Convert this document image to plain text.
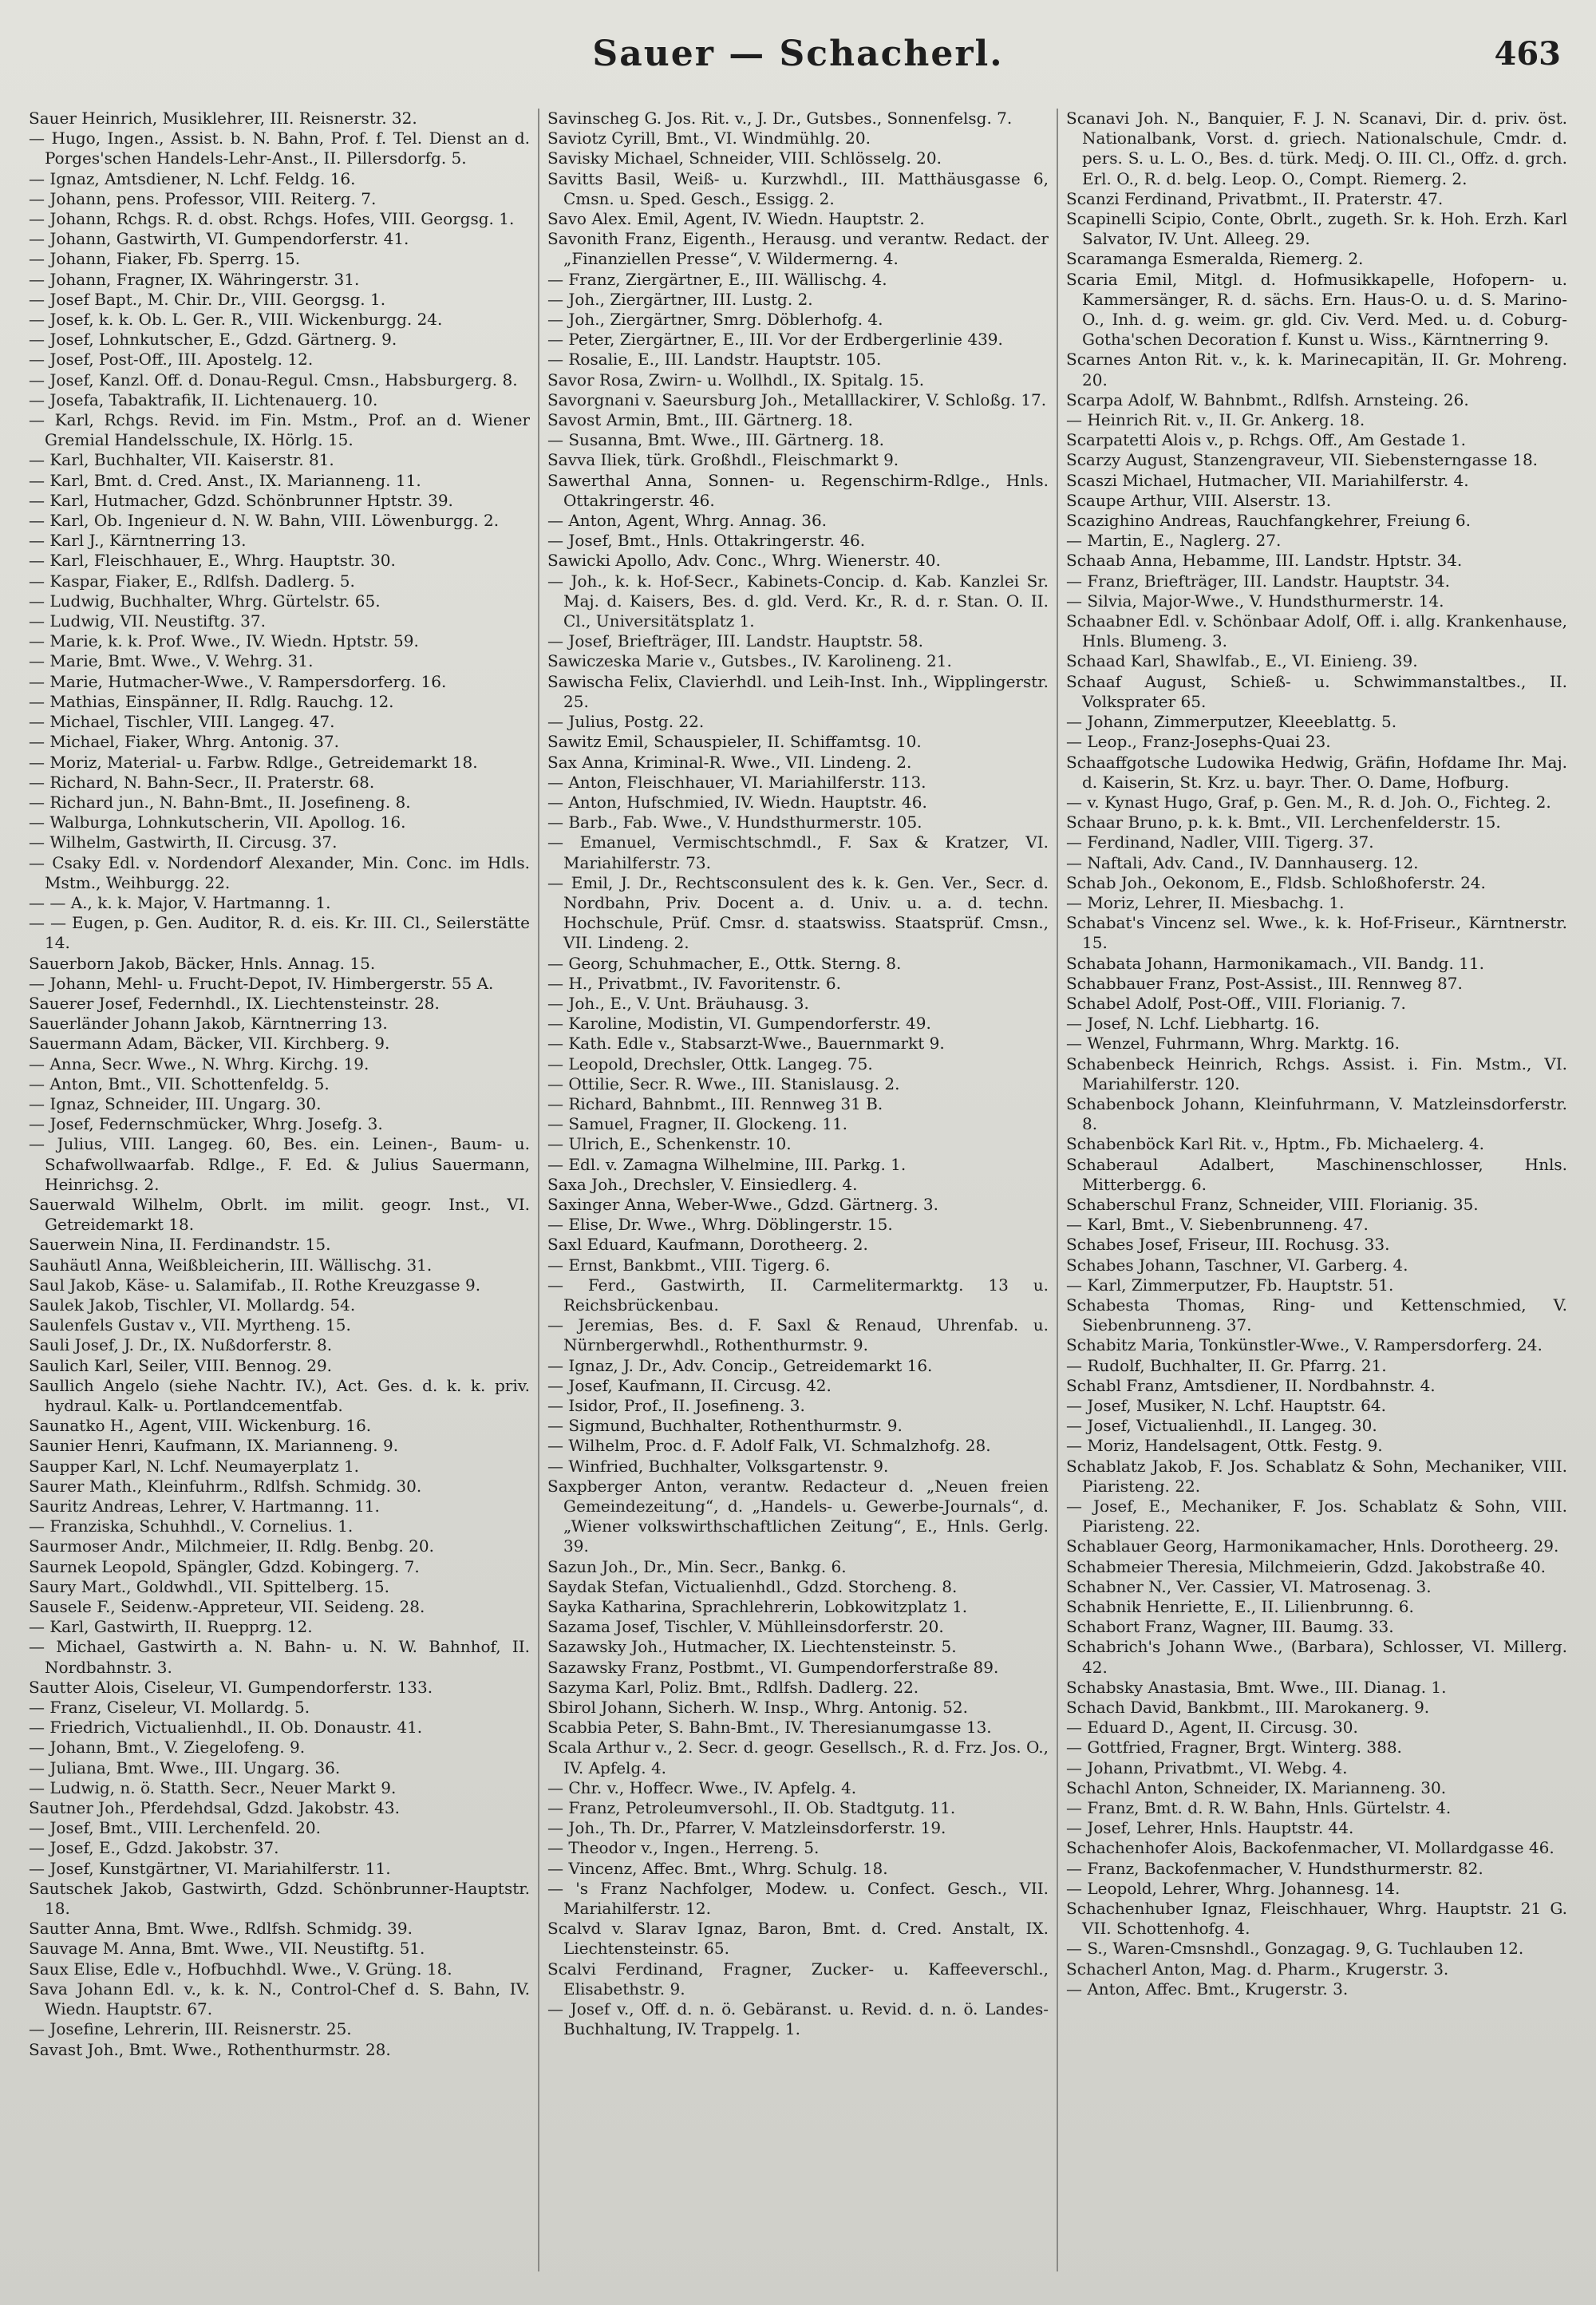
Sauer — Schacherl.	463

Sauer Heinrich, Musiklehrer, III. Reisnerstr. 32.

— Hugo, Ingen., Assist. b. N. Bahn, Prof. f. Tel. Dienst an d. Porges'schen Handels-Lehr-Anst., II. Pillersdorfg. 5.

— Ignaz, Amtsdiener, N. Lchf. Feldg. 16.

— Johann, pens. Professor, VIII. Reiterg. 7.

— Johann, Rchgs. R. d. obst. Rchgs. Hofes, VIII. Georgsg. 1.

— Johann, Gastwirth, VI. Gumpendorferstr. 41.

— Johann, Fiaker, Fb. Sperrg. 15.

— Johann, Fragner, IX. Währingerstr. 31.

— Josef Bapt., M. Chir. Dr., VIII. Georgsg. 1.

— Josef, k. k. Ob. L. Ger. R., VIII. Wickenburgg. 24.

— Josef, Lohnkutscher, E., Gdzd. Gärtnerg. 9.

— Josef, Post-Off., III. Apostelg. 12.

— Josef, Kanzl. Off. d. Donau-Regul. Cmsn., Habsburgerg. 8.

— Josefa, Tabaktrafik, II. Lichtenauerg. 10.

— Karl, Rchgs. Revid. im Fin. Mstm., Prof. an d. Wiener Gremial Handelsschule, IX. Hörlg. 15.

— Karl, Buchhalter, VII. Kaiserstr. 81.

— Karl, Bmt. d. Cred. Anst., IX. Marianneng. 11.

— Karl, Hutmacher, Gdzd. Schönbrunner Hptstr. 39.

— Karl, Ob. Ingenieur d. N. W. Bahn, VIII. Löwenburgg. 2.

— Karl J., Kärntnerring 13.

— Karl, Fleischhauer, E., Whrg. Hauptstr. 30.

— Kaspar, Fiaker, E., Rdlfsh. Dadlerg. 5.

— Ludwig, Buchhalter, Whrg. Gürtelstr. 65.

— Ludwig, VII. Neustiftg. 37.

— Marie, k. k. Prof. Wwe., IV. Wiedn. Hptstr. 59.

— Marie, Bmt. Wwe., V. Wehrg. 31.

— Marie, Hutmacher-Wwe., V. Rampersdorferg. 16.

— Mathias, Einspänner, II. Rdlg. Rauchg. 12.

— Michael, Tischler, VIII. Langeg. 47.

— Michael, Fiaker, Whrg. Antonig. 37.

— Moriz, Material- u. Farbw. Rdlge., Getreidemarkt 18.

— Richard, N. Bahn-Secr., II. Praterstr. 68.

— Richard jun., N. Bahn-Bmt., II. Josefineng. 8.

— Walburga, Lohnkutscherin, VII. Apollog. 16.

— Wilhelm, Gastwirth, II. Circusg. 37.

— Csaky Edl. v. Nordendorf Alexander, Min. Conc. im Hdls. Mstm., Weihburgg. 22.

— — A., k. k. Major, V. Hartmanng. 1.

— — Eugen, p. Gen. Auditor, R. d. eis. Kr. III. Cl., Seilerstätte 14.

Sauerborn Jakob, Bäcker, Hnls. Annag. 15.

— Johann, Mehl- u. Frucht-Depot, IV. Himbergerstr. 55 A.

Sauerer Josef, Federnhdl., IX. Liechtensteinstr. 28.

Sauerländer Johann Jakob, Kärntnerring 13.

Sauermann Adam, Bäcker, VII. Kirchberg. 9.

— Anna, Secr. Wwe., N. Whrg. Kirchg. 19.

— Anton, Bmt., VII. Schottenfeldg. 5.

— Ignaz, Schneider, III. Ungarg. 30.

— Josef, Federnschmücker, Whrg. Josefg. 3.

— Julius, VIII. Langeg. 60, Bes. ein. Leinen-, Baum- u. Schafwollwaarfab. Rdlge., F. Ed. & Julius Sauermann, Heinrichsg. 2.

Sauerwald Wilhelm, Obrlt. im milit. geogr. Inst., VI. Getreidemarkt 18.

Sauerwein Nina, II. Ferdinandstr. 15.

Sauhäutl Anna, Weißbleicherin, III. Wällischg. 31.

Saul Jakob, Käse- u. Salamifab., II. Rothe Kreuzgasse 9.

Saulek Jakob, Tischler, VI. Mollardg. 54.

Saulenfels Gustav v., VII. Myrtheng. 15.

Sauli Josef, J. Dr., IX. Nußdorferstr. 8.

Saulich Karl, Seiler, VIII. Bennog. 29.

Saullich Angelo (siehe Nachtr. IV.), Act. Ges. d. k. k. priv. hydraul. Kalk- u. Portlandcementfab.

Saunatko H., Agent, VIII. Wickenburg. 16.

Saunier Henri, Kaufmann, IX. Marianneng. 9.

Saupper Karl, N. Lchf. Neumayerplatz 1.

Saurer Math., Kleinfuhrm., Rdlfsh. Schmidg. 30.

Sauritz Andreas, Lehrer, V. Hartmanng. 11.

— Franziska, Schuhhdl., V. Cornelius. 1.

Saurmoser Andr., Milchmeier, II. Rdlg. Benbg. 20.

Saurnek Leopold, Spängler, Gdzd. Kobingerg. 7.

Saury Mart., Goldwhdl., VII. Spittelberg. 15.

Sausele F., Seidenw.-Appreteur, VII. Seideng. 28.

— Karl, Gastwirth, II. Ruepprg. 12.

— Michael, Gastwirth a. N. Bahn- u. N. W. Bahnhof, II. Nordbahnstr. 3.

Sautter Alois, Ciseleur, VI. Gumpendorferstr. 133.

— Franz, Ciseleur, VI. Mollardg. 5.

— Friedrich, Victualienhdl., II. Ob. Donaustr. 41.

— Johann, Bmt., V. Ziegelofeng. 9.

— Juliana, Bmt. Wwe., III. Ungarg. 36.

— Ludwig, n. ö. Statth. Secr., Neuer Markt 9.

Sautner Joh., Pferdehdsal, Gdzd. Jakobstr. 43.

— Josef, Bmt., VIII. Lerchenfeld. 20.

— Josef, E., Gdzd. Jakobstr. 37.

— Josef, Kunstgärtner, VI. Mariahilferstr. 11.

Sautschek Jakob, Gastwirth, Gdzd. Schönbrunner-Hauptstr. 18.

Sautter Anna, Bmt. Wwe., Rdlfsh. Schmidg. 39.

Sauvage M. Anna, Bmt. Wwe., VII. Neustiftg. 51.

Saux Elise, Edle v., Hofbuchhdl. Wwe., V. Grüng. 18.

Sava Johann Edl. v., k. k. N., Control-Chef d. S. Bahn, IV. Wiedn. Hauptstr. 67.

— Josefine, Lehrerin, III. Reisnerstr. 25.

Savast Joh., Bmt. Wwe., Rothenthurmstr. 28.

Savinscheg G. Jos. Rit. v., J. Dr., Gutsbes., Sonnenfelsg. 7.

Saviotz Cyrill, Bmt., VI. Windmühlg. 20.

Savisky Michael, Schneider, VIII. Schlösselg. 20.

Savitts Basil, Weiß- u. Kurzwhdl., III. Matthäusgasse 6, Cmsn. u. Sped. Gesch., Essigg. 2.

Savo Alex. Emil, Agent, IV. Wiedn. Hauptstr. 2.

Savonith Franz, Eigenth., Herausg. und verantw. Redact. der „Finanziellen Presse“, V. Wildermerng. 4.

— Franz, Ziergärtner, E., III. Wällischg. 4.

— Joh., Ziergärtner, III. Lustg. 2.

— Joh., Ziergärtner, Smrg. Döblerhofg. 4.

— Peter, Ziergärtner, E., III. Vor der Erdbergerlinie 439.

— Rosalie, E., III. Landstr. Hauptstr. 105.

Savor Rosa, Zwirn- u. Wollhdl., IX. Spitalg. 15.

Savorgnani v. Saeursburg Joh., Metalllackirer, V. Schloßg. 17.

Savost Armin, Bmt., III. Gärtnerg. 18.

— Susanna, Bmt. Wwe., III. Gärtnerg. 18.

Savva Iliek, türk. Großhdl., Fleischmarkt 9.

Sawerthal Anna, Sonnen- u. Regenschirm-Rdlge., Hnls. Ottakringerstr. 46.

— Anton, Agent, Whrg. Annag. 36.

— Josef, Bmt., Hnls. Ottakringerstr. 46.

Sawicki Apollo, Adv. Conc., Whrg. Wienerstr. 40.

— Joh., k. k. Hof-Secr., Kabinets-Concip. d. Kab. Kanzlei Sr. Maj. d. Kaisers, Bes. d. gld. Verd. Kr., R. d. r. Stan. O. II. Cl., Universitätsplatz 1.

— Josef, Briefträger, III. Landstr. Hauptstr. 58.

Sawiczeska Marie v., Gutsbes., IV. Karolineng. 21.

Sawischa Felix, Clavierhdl. und Leih-Inst. Inh., Wipplingerstr. 25.

— Julius, Postg. 22.

Sawitz Emil, Schauspieler, II. Schiffamtsg. 10.

Sax Anna, Kriminal-R. Wwe., VII. Lindeng. 2.

— Anton, Fleischhauer, VI. Mariahilferstr. 113.

— Anton, Hufschmied, IV. Wiedn. Hauptstr. 46.

— Barb., Fab. Wwe., V. Hundsthurmerstr. 105.

— Emanuel, Vermischtschmdl., F. Sax & Kratzer, VI. Mariahilferstr. 73.

— Emil, J. Dr., Rechtsconsulent des k. k. Gen. Ver., Secr. d. Nordbahn, Priv. Docent a. d. Univ. u. a. d. techn. Hochschule, Prüf. Cmsr. d. staatswiss. Staatsprüf. Cmsn., VII. Lindeng. 2.

— Georg, Schuhmacher, E., Ottk. Sterng. 8.

— H., Privatbmt., IV. Favoritenstr. 6.

— Joh., E., V. Unt. Bräuhausg. 3.

— Karoline, Modistin, VI. Gumpendorferstr. 49.

— Kath. Edle v., Stabsarzt-Wwe., Bauernmarkt 9.

— Leopold, Drechsler, Ottk. Langeg. 75.

— Ottilie, Secr. R. Wwe., III. Stanislausg. 2.

— Richard, Bahnbmt., III. Rennweg 31 B.

— Samuel, Fragner, II. Glockeng. 11.

— Ulrich, E., Schenkenstr. 10.

— Edl. v. Zamagna Wilhelmine, III. Parkg. 1.

Saxa Joh., Drechsler, V. Einsiedlerg. 4.

Saxinger Anna, Weber-Wwe., Gdzd. Gärtnerg. 3.

— Elise, Dr. Wwe., Whrg. Döblingerstr. 15.

Saxl Eduard, Kaufmann, Dorotheerg. 2.

— Ernst, Bankbmt., VIII. Tigerg. 6.

— Ferd., Gastwirth, II. Carmelitermarktg. 13 u. Reichsbrückenbau.

— Jeremias, Bes. d. F. Saxl & Renaud, Uhrenfab. u. Nürnbergerwhdl., Rothenthurmstr. 9.

— Ignaz, J. Dr., Adv. Concip., Getreidemarkt 16.

— Josef, Kaufmann, II. Circusg. 42.

— Isidor, Prof., II. Josefineng. 3.

— Sigmund, Buchhalter, Rothenthurmstr. 9.

— Wilhelm, Proc. d. F. Adolf Falk, VI. Schmalzhofg. 28.

— Winfried, Buchhalter, Volksgartenstr. 9.

Saxpberger Anton, verantw. Redacteur d. „Neuen freien Gemeindezeitung“, d. „Handels- u. Gewerbe-Journals“, d. „Wiener volkswirthschaftlichen Zeitung“, E., Hnls. Gerlg. 39.

Sazun Joh., Dr., Min. Secr., Bankg. 6.

Saydak Stefan, Victualienhdl., Gdzd. Storcheng. 8.

Sayka Katharina, Sprachlehrerin, Lobkowitzplatz 1.

Sazama Josef, Tischler, V. Mühlleinsdorferstr. 20.

Sazawsky Joh., Hutmacher, IX. Liechtensteinstr. 5.

Sazawsky Franz, Postbmt., VI. Gumpendorferstraße 89.

Sazyma Karl, Poliz. Bmt., Rdlfsh. Dadlerg. 22.

Sbirol Johann, Sicherh. W. Insp., Whrg. Antonig. 52.

Scabbia Peter, S. Bahn-Bmt., IV. Theresianumgasse 13.

Scala Arthur v., 2. Secr. d. geogr. Gesellsch., R. d. Frz. Jos. O., IV. Apfelg. 4.

— Chr. v., Hoffecr. Wwe., IV. Apfelg. 4.

— Franz, Petroleumversohl., II. Ob. Stadtgutg. 11.

— Joh., Th. Dr., Pfarrer, V. Matzleinsdorferstr. 19.

— Theodor v., Ingen., Herreng. 5.

— Vincenz, Affec. Bmt., Whrg. Schulg. 18.

— 's Franz Nachfolger, Modew. u. Confect. Gesch., VII. Mariahilferstr. 12.

Scalvd v. Slarav Ignaz, Baron, Bmt. d. Cred. Anstalt, IX. Liechtensteinstr. 65.

Scalvi Ferdinand, Fragner, Zucker- u. Kaffeeverschl., Elisabethstr. 9.

— Josef v., Off. d. n. ö. Gebäranst. u. Revid. d. n. ö. Landes-Buchhaltung, IV. Trappelg. 1.

Scanavi Joh. N., Banquier, F. J. N. Scanavi, Dir. d. priv. öst. Nationalbank, Vorst. d. griech. Nationalschule, Cmdr. d. pers. S. u. L. O., Bes. d. türk. Medj. O. III. Cl., Offz. d. grch. Erl. O., R. d. belg. Leop. O., Compt. Riemerg. 2.

Scanzi Ferdinand, Privatbmt., II. Praterstr. 47.

Scapinelli Scipio, Conte, Obrlt., zugeth. Sr. k. Hoh. Erzh. Karl Salvator, IV. Unt. Alleeg. 29.

Scaramanga Esmeralda, Riemerg. 2.

Scaria Emil, Mitgl. d. Hofmusikkapelle, Hofopern- u. Kammersänger, R. d. sächs. Ern. Haus-O. u. d. S. Marino-O., Inh. d. g. weim. gr. gld. Civ. Verd. Med. u. d. Coburg-Gotha'schen Decoration f. Kunst u. Wiss., Kärntnerring 9.

Scarnes Anton Rit. v., k. k. Marinecapitän, II. Gr. Mohreng. 20.

Scarpa Adolf, W. Bahnbmt., Rdlfsh. Arnsteing. 26.

— Heinrich Rit. v., II. Gr. Ankerg. 18.

Scarpatetti Alois v., p. Rchgs. Off., Am Gestade 1.

Scarzy August, Stanzengraveur, VII. Siebensterngasse 18.

Scaszi Michael, Hutmacher, VII. Mariahilferstr. 4.

Scaupe Arthur, VIII. Alserstr. 13.

Scazighino Andreas, Rauchfangkehrer, Freiung 6.

— Martin, E., Naglerg. 27.

Schaab Anna, Hebamme, III. Landstr. Hptstr. 34.

— Franz, Briefträger, III. Landstr. Hauptstr. 34.

— Silvia, Major-Wwe., V. Hundsthurmerstr. 14.

Schaabner Edl. v. Schönbaar Adolf, Off. i. allg. Krankenhause, Hnls. Blumeng. 3.

Schaad Karl, Shawlfab., E., VI. Einieng. 39.

Schaaf August, Schieß- u. Schwimmanstaltbes., II. Volksprater 65.

— Johann, Zimmerputzer, Kleeeblattg. 5.

— Leop., Franz-Josephs-Quai 23.

Schaaffgotsche Ludowika Hedwig, Gräfin, Hofdame Ihr. Maj. d. Kaiserin, St. Krz. u. bayr. Ther. O. Dame, Hofburg.

— v. Kynast Hugo, Graf, p. Gen. M., R. d. Joh. O., Fichteg. 2.

Schaar Bruno, p. k. k. Bmt., VII. Lerchenfelderstr. 15.

— Ferdinand, Nadler, VIII. Tigerg. 37.

— Naftali, Adv. Cand., IV. Dannhauserg. 12.

Schab Joh., Oekonom, E., Fldsb. Schloßhoferstr. 24.

— Moriz, Lehrer, II. Miesbachg. 1.

Schabat's Vincenz sel. Wwe., k. k. Hof-Friseur., Kärntnerstr. 15.

Schabata Johann, Harmonikamach., VII. Bandg. 11.

Schabbauer Franz, Post-Assist., III. Rennweg 87.

Schabel Adolf, Post-Off., VIII. Florianig. 7.

— Josef, N. Lchf. Liebhartg. 16.

— Wenzel, Fuhrmann, Whrg. Marktg. 16.

Schabenbeck Heinrich, Rchgs. Assist. i. Fin. Mstm., VI. Mariahilferstr. 120.

Schabenbock Johann, Kleinfuhrmann, V. Matzleinsdorferstr. 8.

Schabenböck Karl Rit. v., Hptm., Fb. Michaelerg. 4.

Schaberaul Adalbert, Maschinenschlosser, Hnls. Mitterbergg. 6.

Schaberschul Franz, Schneider, VIII. Florianig. 35.

— Karl, Bmt., V. Siebenbrunneng. 47.

Schabes Josef, Friseur, III. Rochusg. 33.

Schabes Johann, Taschner, VI. Garberg. 4.

— Karl, Zimmerputzer, Fb. Hauptstr. 51.

Schabesta Thomas, Ring- und Kettenschmied, V. Siebenbrunneng. 37.

Schabitz Maria, Tonkünstler-Wwe., V. Rampersdorferg. 24.

— Rudolf, Buchhalter, II. Gr. Pfarrg. 21.

Schabl Franz, Amtsdiener, II. Nordbahnstr. 4.

— Josef, Musiker, N. Lchf. Hauptstr. 64.

— Josef, Victualienhdl., II. Langeg. 30.

— Moriz, Handelsagent, Ottk. Festg. 9.

Schablatz Jakob, F. Jos. Schablatz & Sohn, Mechaniker, VIII. Piaristeng. 22.

— Josef, E., Mechaniker, F. Jos. Schablatz & Sohn, VIII. Piaristeng. 22.

Schablauer Georg, Harmonikamacher, Hnls. Dorotheerg. 29.

Schabmeier Theresia, Milchmeierin, Gdzd. Jakobstraße 40.

Schabner N., Ver. Cassier, VI. Matrosenag. 3.

Schabnik Henriette, E., II. Lilienbrunng. 6.

Schabort Franz, Wagner, III. Baumg. 33.

Schabrich's Johann Wwe., (Barbara), Schlosser, VI. Millerg. 42.

Schabsky Anastasia, Bmt. Wwe., III. Dianag. 1.

Schach David, Bankbmt., III. Marokanerg. 9.

— Eduard D., Agent, II. Circusg. 30.

— Gottfried, Fragner, Brgt. Winterg. 388.

— Johann, Privatbmt., VI. Webg. 4.

Schachl Anton, Schneider, IX. Marianneng. 30.

— Franz, Bmt. d. R. W. Bahn, Hnls. Gürtelstr. 4.

— Josef, Lehrer, Hnls. Hauptstr. 44.

Schachenhofer Alois, Backofenmacher, VI. Mollardgasse 46.

— Franz, Backofenmacher, V. Hundsthurmerstr. 82.

— Leopold, Lehrer, Whrg. Johannesg. 14.

Schachenhuber Ignaz, Fleischhauer, Whrg. Hauptstr. 21 G. VII. Schottenhofg. 4.

— S., Waren-Cmsnshdl., Gonzagag. 9, G. Tuchlauben 12.

Schacherl Anton, Mag. d. Pharm., Krugerstr. 3.

— Anton, Affec. Bmt., Krugerstr. 3.
